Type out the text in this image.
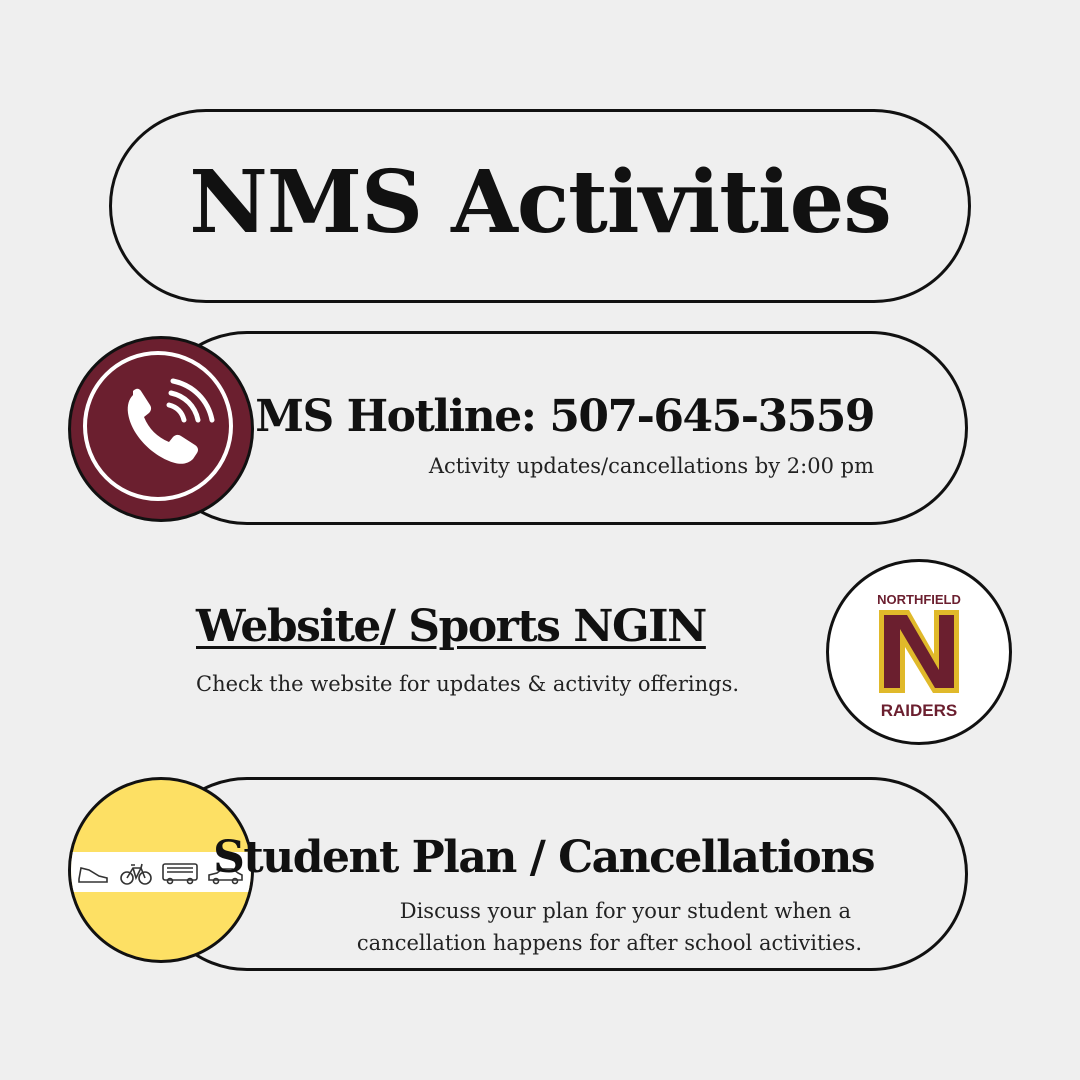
NMS Activities
MS Hotline: 507-645-3559
Activity updates/cancellations by 2:00 pm
Website/ Sports NGIN
Check the website for updates & activity offerings.
NORTHFIELD
RAIDERS
Student Plan / Cancellations
Discuss your plan for your student when a
cancellation happens for after school activities.
